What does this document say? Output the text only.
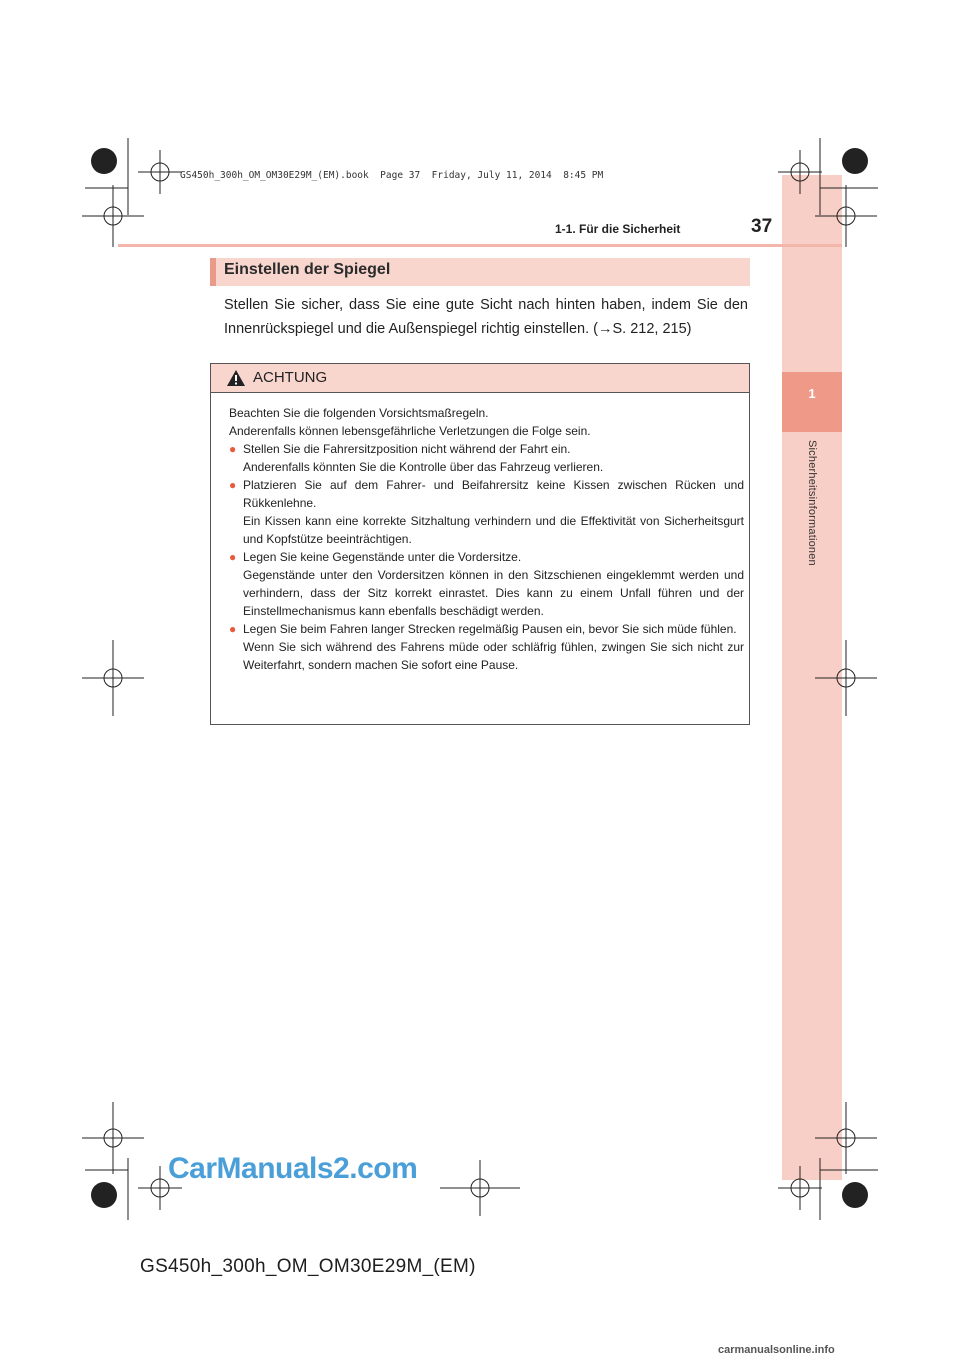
1
Sicherheitsinformationen
1-1. Für die Sicherheit	37
GS450h_300h_OM_OM30E29M_(EM).book  Page 37  Friday, July 11, 2014  8:45 PM
Einstellen der Spiegel
Stellen Sie sicher, dass Sie eine gute Sicht nach hinten haben, indem Sie den Innenrückspiegel und die Außenspiegel richtig einstellen. (→S. 212, 215)
ACHTUNG

Beachten Sie die folgenden Vorsichtsmaßregeln.
Anderenfalls können lebensgefährliche Verletzungen die Folge sein.

● Stellen Sie die Fahrersitzposition nicht während der Fahrt ein.
Anderenfalls könnten Sie die Kontrolle über das Fahrzeug verlieren.

● Platzieren Sie auf dem Fahrer- und Beifahrersitz keine Kissen zwischen Rücken und Rükkenlehne.
Ein Kissen kann eine korrekte Sitzhaltung verhindern und die Effektivität von Sicherheitsgurt und Kopfstütze beeinträchtigen.

● Legen Sie keine Gegenstände unter die Vordersitze.
Gegenstände unter den Vordersitzen können in den Sitzschienen eingeklemmt werden und verhindern, dass der Sitz korrekt einrastet. Dies kann zu einem Unfall führen und der Einstellmechanismus kann ebenfalls beschädigt werden.

● Legen Sie beim Fahren langer Strecken regelmäßig Pausen ein, bevor Sie sich müde fühlen.
Wenn Sie sich während des Fahrens müde oder schläfrig fühlen, zwingen Sie sich nicht zur Weiterfahrt, sondern machen Sie sofort eine Pause.

GS450h_300h_OM_OM30E29M_(EM)
CarManuals2.com
carmanualsonline.info
